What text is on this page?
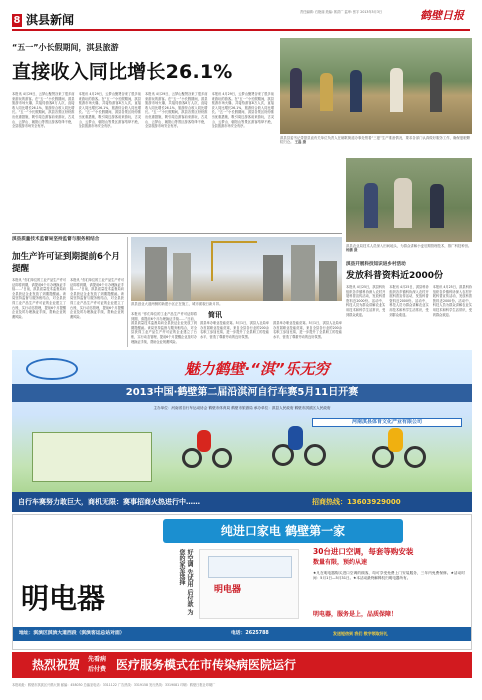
8 淇县新闻
责任编辑: 石艳丽 美编: 郭洪广 监审: 张宇 2013年5月3日	鹤壁日报
“五一”小长假期间，淇县旅游
直接收入同比增长26.1%
本报讯 4月29日，云梦山聚贤谷来了很多前来游玩的游客。在“五一”小长假期间，淇县旅游市场火爆，共接待游客8万人次，直接收入同比增长26.1%，旅游综合收入同比增长。“五一”小长假期间，淇县各景区纷纷推出优惠措施，吸引周边游客前来游玩，古灵山、云梦山、朝阳山等景区游客络绎不绝，全县旅游市场安全有序。
本报讯 4月29日，云梦山聚贤谷来了很多前来游玩的游客。在“五一”小长假期间，淇县旅游市场火爆，共接待游客8万人次，直接收入同比增长26.1%，旅游综合收入同比增长。“五一”小长假期间，淇县各景区纷纷推出优惠措施，吸引周边游客前来游玩，古灵山、云梦山、朝阳山等景区游客络绎不绝，全县旅游市场安全有序。
本报讯 4月29日，云梦山聚贤谷来了很多前来游玩的游客。在“五一”小长假期间，淇县旅游市场火爆，共接待游客8万人次，直接收入同比增长26.1%，旅游综合收入同比增长。“五一”小长假期间，淇县各景区纷纷推出优惠措施，吸引周边游客前来游玩，古灵山、云梦山、朝阳山等景区游客络绎不绝，全县旅游市场安全有序。
本报讯 4月29日，云梦山聚贤谷来了很多前来游玩的游客。在“五一”小长假期间，淇县旅游市场火爆，共接待游客8万人次，直接收入同比增长26.1%，旅游综合收入同比增长。“五一”小长假期间，淇县各景区纷纷推出优惠措施，吸引周边游客前来游玩，古灵山、云梦山、朝阳山等景区游客络绎不绝，全县旅游市场安全有序。
淇县县委书记带领县直有关单位负责人在朝歌街道办事处察看“三夏”生产准备情况，要求各部门认真做好服务工作，确保夏粮颗粒归仓。 王磊 摄
淇县农业局技术人员深入田间地头，为群众讲解小麦后期管理技术，推广科技种田。 杨鹏 摄
淇县质量技术监督局坚持监督与服务相结合
加生产许可证到期提前6个月提醒
本报讯 “你们单位的工业产品生产许可证即将到期，请提前6个月办理换证手续……”日前，淇县质量技术监督局向全县获证企业发放了到期提醒函。该局坚持监督与服务相结合，对全县获得工业产品生产许可证的企业建立了台账，实行动态管理，提前6个月提醒企业及时办理换证手续，帮助企业规避风险。
本报讯 “你们单位的工业产品生产许可证即将到期，请提前6个月办理换证手续……”日前，淇县质量技术监督局向全县获证企业发放了到期提醒函。该局坚持监督与服务相结合，对全县获得工业产品生产许可证的企业建立了台账，实行动态管理，提前6个月提醒企业及时办理换证手续，帮助企业规避风险。
淇县创业大道两侧的新建小区正在施工，城市面貌日新月异。
本报讯 “你们单位的工业产品生产许可证即将到期，请提前6个月办理换证手续……”日前，淇县质量技术监督局向全县获证企业发放了到期提醒函。该局坚持监督与服务相结合，对全县获得工业产品生产许可证的企业建立了台账，实行动态管理，提前6个月提醒企业及时办理换证手续，帮助企业规避风险。
简讯
淇县举办职业技能竞赛。5月1日，淇县人社局举办首届职业技能竞赛，来自全县各行业的200余名职工参加比赛，进一步提升了全县职工的技能水平，营造了尊重劳动的良好氛围。
淇县举办职业技能竞赛。5月1日，淇县人社局举办首届职业技能竞赛，来自全县各行业的200余名职工参加比赛，进一步提升了全县职工的技能水平，营造了尊重劳动的良好氛围。
淇县开展科技知识进乡村活动
发放科普资料近2000份
本报讯 4月25日，淇县科协组织各乡镇科协深入农村开展科普宣传活动，发放科普资料近2000份。活动中，科技人员为群众讲解农业实用技术和科学生活常识，受到群众欢迎。
本报讯 4月25日，淇县科协组织各乡镇科协深入农村开展科普宣传活动，发放科普资料近2000份。活动中，科技人员为群众讲解农业实用技术和科学生活常识，受到群众欢迎。
本报讯 4月25日，淇县科协组织各乡镇科协深入农村开展科普宣传活动，发放科普资料近2000份。活动中，科技人员为群众讲解农业实用技术和科学生活常识，受到群众欢迎。
魅力鹤壁·“淇”乐无穷
2013中国·鹤壁第二届沿淇河自行车赛5月11日开赛
主办单位：河南省自行车运动协会 鹤壁市体育局 鹤壁市旅游局 承办单位：淇县人民政府 鹤壁市淇滨区人民政府
河南淇县体育文化产业有限公司
自行车赛努力敢巨大，商机无限：赛事招商火热进行中……	招商热线：13603929000
纯进口家电 鹤壁第一家
明电器	好空调 先试用 后付款 为您的家室选择
明电器
30台进口空调，每套等购安装
数量有限，预约从速
★凡在明电器购买进口空调的顾客，均可享受免费上门安装服务，三年内免费保修。★活动时间：5月1日—5月31日。★本活动最终解释权归明电器所有。
明电器，服务是上，品质保障！
地址：淇滨区淇滨大道西段（淇滨客运总站对面）	电话：2625788	发送短信到 我们 数字领取好礼
热烈祝贺 先看病
后付费 医疗服务模式在市传染病医院运行
本报地址：鹤壁市淇滨区兴鹤大街 邮编：458030 总编室电话：3311122 广告热线：3319158 发行热线：3319081 印刷：鹤壁日报社印刷厂
